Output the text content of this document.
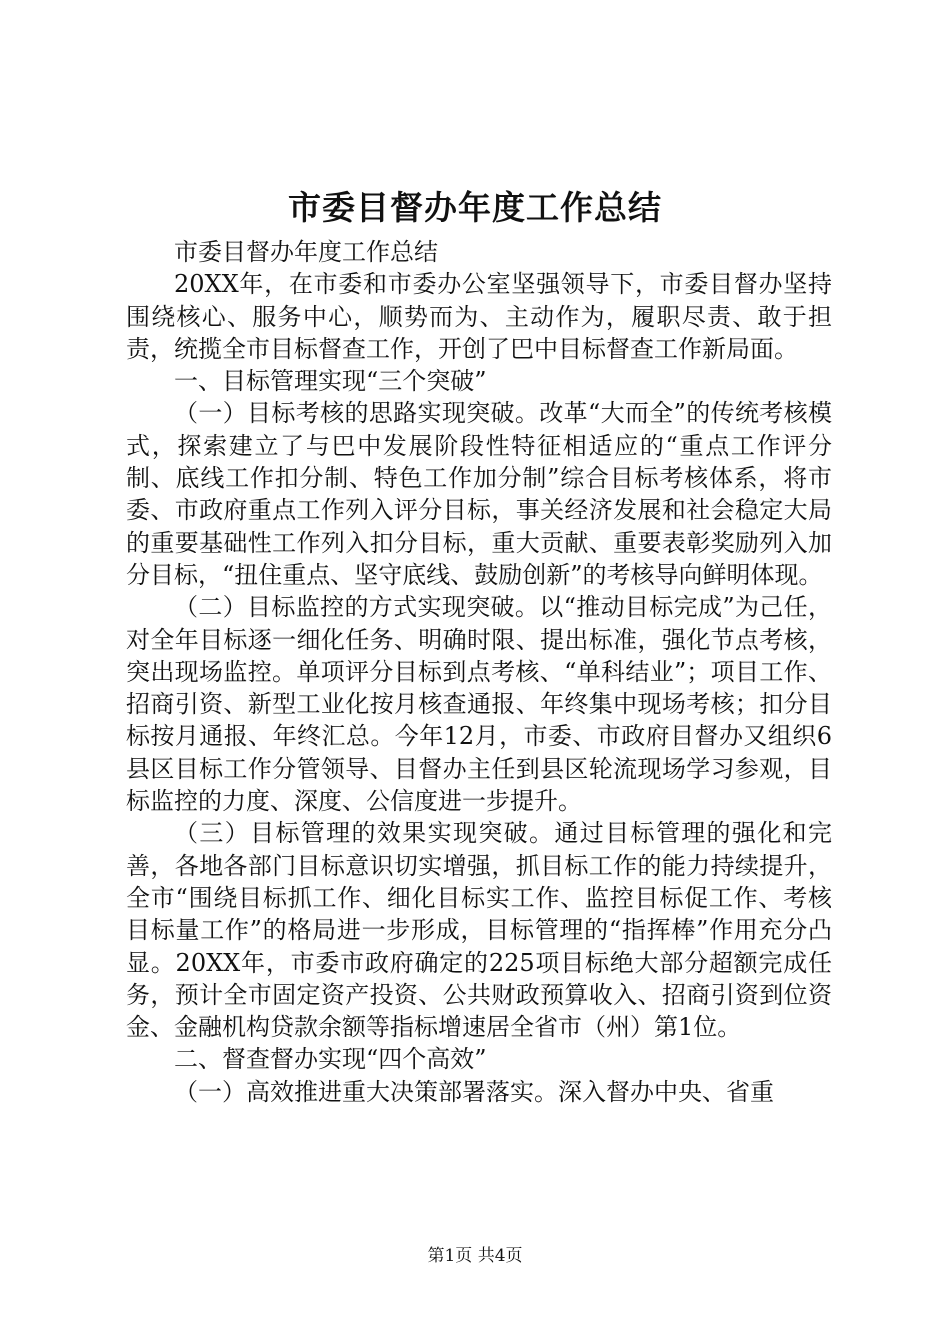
市委目督办年度工作总结

市委目督办年度工作总结

20XX年，在市委和市委办公室坚强领导下，市委目督办坚持围绕核心、服务中心，顺势而为、主动作为，履职尽责、敢于担责，统揽全市目标督查工作，开创了巴中目标督查工作新局面。

一、目标管理实现“三个突破”

（一）目标考核的思路实现突破。改革“大而全”的传统考核模式，探索建立了与巴中发展阶段性特征相适应的“重点工作评分制、底线工作扣分制、特色工作加分制”综合目标考核体系，将市委、市政府重点工作列入评分目标，事关经济发展和社会稳定大局的重要基础性工作列入扣分目标，重大贡献、重要表彰奖励列入加分目标，“扭住重点、坚守底线、鼓励创新”的考核导向鲜明体现。

（二）目标监控的方式实现突破。以“推动目标完成”为己任，对全年目标逐一细化任务、明确时限、提出标准，强化节点考核，突出现场监控。单项评分目标到点考核、“单科结业”；项目工作、招商引资、新型工业化按月核查通报、年终集中现场考核；扣分目标按月通报、年终汇总。今年12月，市委、市政府目督办又组织6县区目标工作分管领导、目督办主任到县区轮流现场学习参观，目标监控的力度、深度、公信度进一步提升。

（三）目标管理的效果实现突破。通过目标管理的强化和完善，各地各部门目标意识切实增强，抓目标工作的能力持续提升，全市“围绕目标抓工作、细化目标实工作、监控目标促工作、考核目标量工作”的格局进一步形成，目标管理的“指挥棒”作用充分凸显。20XX年，市委市政府确定的225项目标绝大部分超额完成任务，预计全市固定资产投资、公共财政预算收入、招商引资到位资金、金融机构贷款余额等指标增速居全省市（州）第1位。

二、督查督办实现“四个高效”

（一）高效推进重大决策部署落实。深入督办中央、省重

第1页 共4页
